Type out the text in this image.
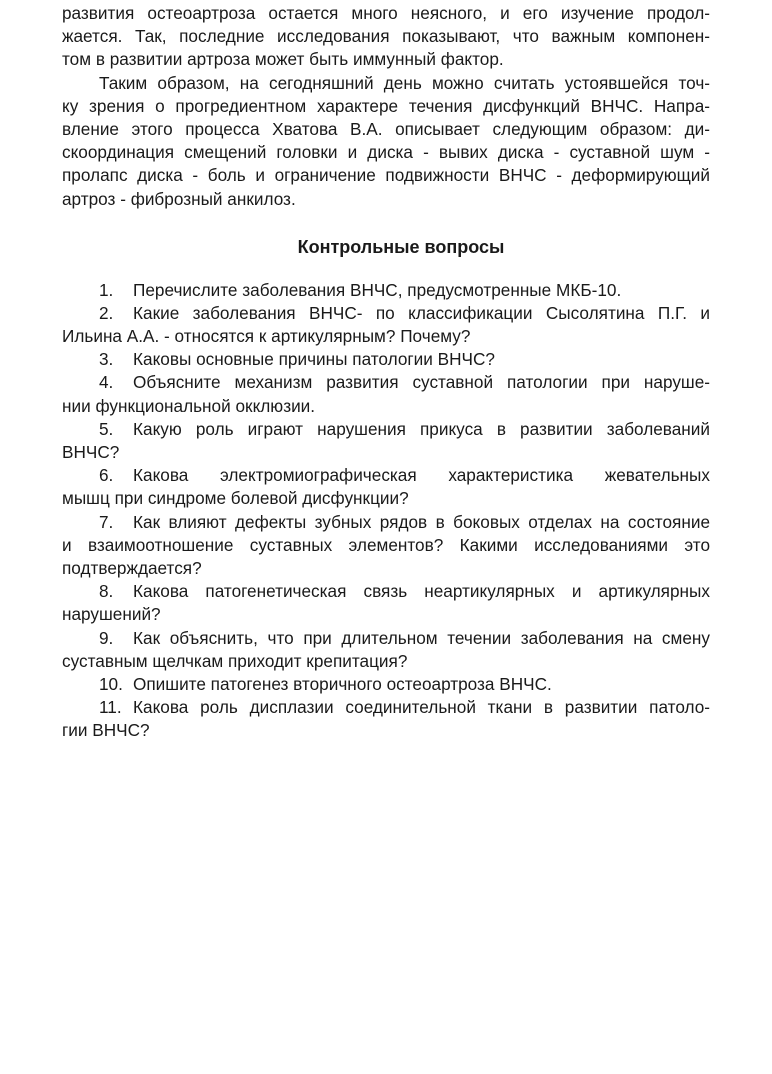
развития остеоартроза остается много неясного, и его изучение продол-
жается. Так, последние исследования показывают, что важным компонен-
том в развитии артроза может быть иммунный фактор.
Таким образом, на сегодняшний день можно считать устоявшейся точ-
ку зрения о прогредиентном характере течения дисфункций ВНЧС. Напра-
вление этого процесса Хватова В.А. описывает следующим образом: ди-
скоординация смещений головки и диска - вывих диска - суставной шум -
пролапс диска - боль и ограничение подвижности ВНЧС - деформирующий
артроз - фиброзный анкилоз.
Контрольные вопросы
1. Перечислите заболевания ВНЧС, предусмотренные МКБ-10.
2. Какие заболевания ВНЧС- по классификации Сысолятина П.Г. и
Ильина А.А. - относятся к артикулярным? Почему?
3. Каковы основные причины патологии ВНЧС?
4. Объясните механизм развития суставной патологии при наруше-
нии функциональной окклюзии.
5. Какую роль играют нарушения прикуса в развитии заболеваний
ВНЧС?
6. Какова электромиографическая характеристика жевательных
мышц при синдроме болевой дисфункции?
7. Как влияют дефекты зубных рядов в боковых отделах на состояние
и взаимоотношение суставных элементов? Какими исследованиями это
подтверждается?
8. Какова патогенетическая связь неартикулярных и артикулярных
нарушений?
9. Как объяснить, что при длительном течении заболевания на смену
суставным щелчкам приходит крепитация?
10. Опишите патогенез вторичного остеоартроза ВНЧС.
11. Какова роль дисплазии соединительной ткани в развитии патоло-
гии ВНЧС?
